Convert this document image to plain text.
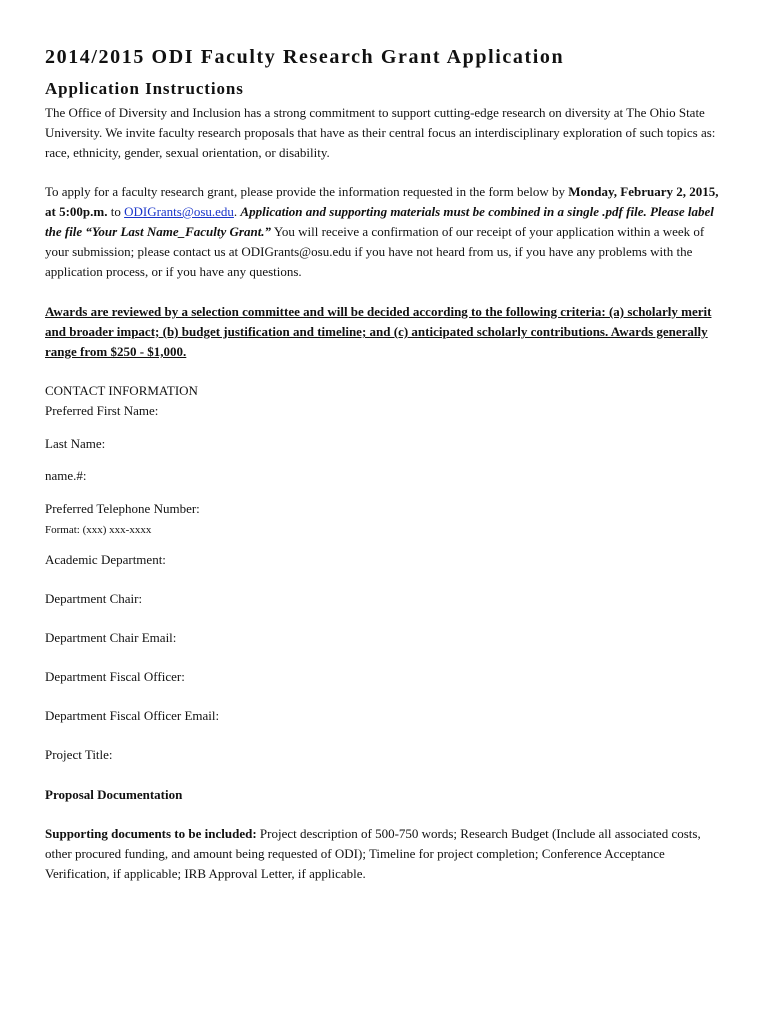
2014/2015 ODI Faculty Research Grant Application
Application Instructions

The Office of Diversity and Inclusion has a strong commitment to support cutting-edge research on diversity at The Ohio State University. We invite faculty research proposals that have as their central focus an interdisciplinary exploration of such topics as: race, ethnicity, gender, sexual orientation, or disability.

To apply for a faculty research grant, please provide the information requested in the form below by Monday, February 2, 2015, at 5:00p.m. to ODIGrants@osu.edu. Application and supporting materials must be combined in a single .pdf file. Please label the file “Your Last Name_Faculty Grant.” You will receive a confirmation of our receipt of your application within a week of your submission; please contact us at ODIGrants@osu.edu if you have not heard from us, if you have any problems with the application process, or if you have any questions.

Awards are reviewed by a selection committee and will be decided according to the following criteria: (a) scholarly merit and broader impact; (b) budget justification and timeline; and (c) anticipated scholarly contributions. Awards generally range from $250 - $1,000.

CONTACT INFORMATION
Preferred First Name:
Last Name:
name.#:
Preferred Telephone Number:
Format: (xxx) xxx-xxxx
Academic Department:
Department Chair:
Department Chair Email:
Department Fiscal Officer:
Department Fiscal Officer Email:
Project Title:
Proposal Documentation

Supporting documents to be included: Project description of 500-750 words; Research Budget (Include all associated costs, other procured funding, and amount being requested of ODI); Timeline for project completion; Conference Acceptance Verification, if applicable; IRB Approval Letter, if applicable.
